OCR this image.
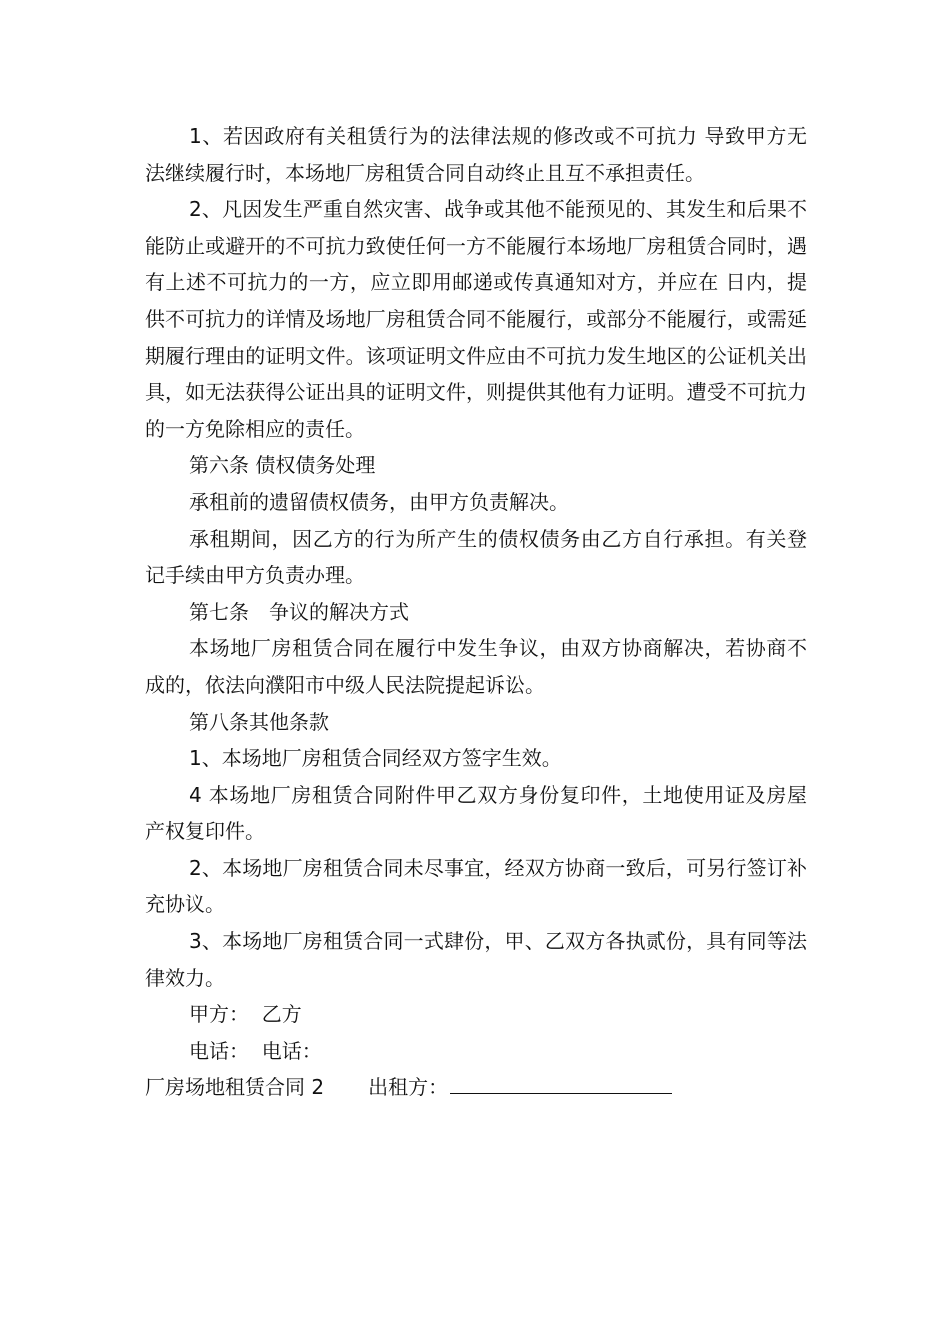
1、若因政府有关租赁行为的法律法规的修改或不可抗力 导致甲方无法继续履行时，本场地厂房租赁合同自动终止且互不承担责任。

2、凡因发生严重自然灾害、战争或其他不能预见的、其发生和后果不能防止或避开的不可抗力致使任何一方不能履行本场地厂房租赁合同时，遇有上述不可抗力的一方，应立即用邮递或传真通知对方，并应在 日内，提供不可抗力的详情及场地厂房租赁合同不能履行，或部分不能履行，或需延期履行理由的证明文件。该项证明文件应由不可抗力发生地区的公证机关出具，如无法获得公证出具的证明文件，则提供其他有力证明。遭受不可抗力的一方免除相应的责任。

第六条 债权债务处理

承租前的遗留债权债务，由甲方负责解决。

承租期间，因乙方的行为所产生的债权债务由乙方自行承担。有关登记手续由甲方负责办理。

第七条　争议的解决方式

本场地厂房租赁合同在履行中发生争议，由双方协商解决，若协商不成的，依法向濮阳市中级人民法院提起诉讼。

第八条其他条款

1、本场地厂房租赁合同经双方签字生效。

4 本场地厂房租赁合同附件甲乙双方身份复印件，土地使用证及房屋产权复印件。

2、本场地厂房租赁合同未尽事宜，经双方协商一致后，可另行签订补充协议。

3、本场地厂房租赁合同一式肆份，甲、乙双方各执贰份，具有同等法律效力。

甲方：  乙方

电话：  电话：

厂房场地租赁合同 2 出租方：
